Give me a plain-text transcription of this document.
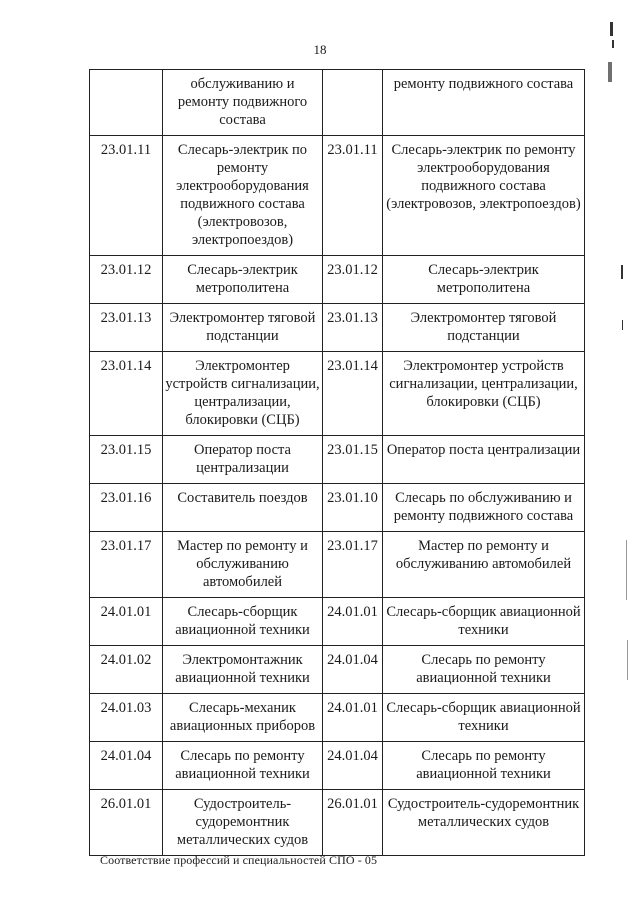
18
	обслуживанию и ремонту подвижного состава		ремонту подвижного состава
23.01.11	Слесарь-электрик по ремонту электрооборудования подвижного состава (электровозов, электропоездов)	23.01.11	Слесарь-электрик по ремонту электрооборудования подвижного состава (электровозов, электропоездов)
23.01.12	Слесарь-электрик метрополитена	23.01.12	Слесарь-электрик метрополитена
23.01.13	Электромонтер тяговой подстанции	23.01.13	Электромонтер тяговой подстанции
23.01.14	Электромонтер устройств сигнализации, централизации, блокировки (СЦБ)	23.01.14	Электромонтер устройств сигнализации, централизации, блокировки (СЦБ)
23.01.15	Оператор поста централизации	23.01.15	Оператор поста централизации
23.01.16	Составитель поездов	23.01.10	Слесарь по обслуживанию и ремонту подвижного состава
23.01.17	Мастер по ремонту и обслуживанию автомобилей	23.01.17	Мастер по ремонту и обслуживанию автомобилей
24.01.01	Слесарь-сборщик авиационной техники	24.01.01	Слесарь-сборщик авиационной техники
24.01.02	Электромонтажник авиационной техники	24.01.04	Слесарь по ремонту авиационной техники
24.01.03	Слесарь-механик авиационных приборов	24.01.01	Слесарь-сборщик авиационной техники
24.01.04	Слесарь по ремонту авиационной техники	24.01.04	Слесарь по ремонту авиационной техники
26.01.01	Судостроитель-судоремонтник металлических судов	26.01.01	Судостроитель-судоремонтник металлических судов
Соответствие профессий и специальностей СПО - 05
